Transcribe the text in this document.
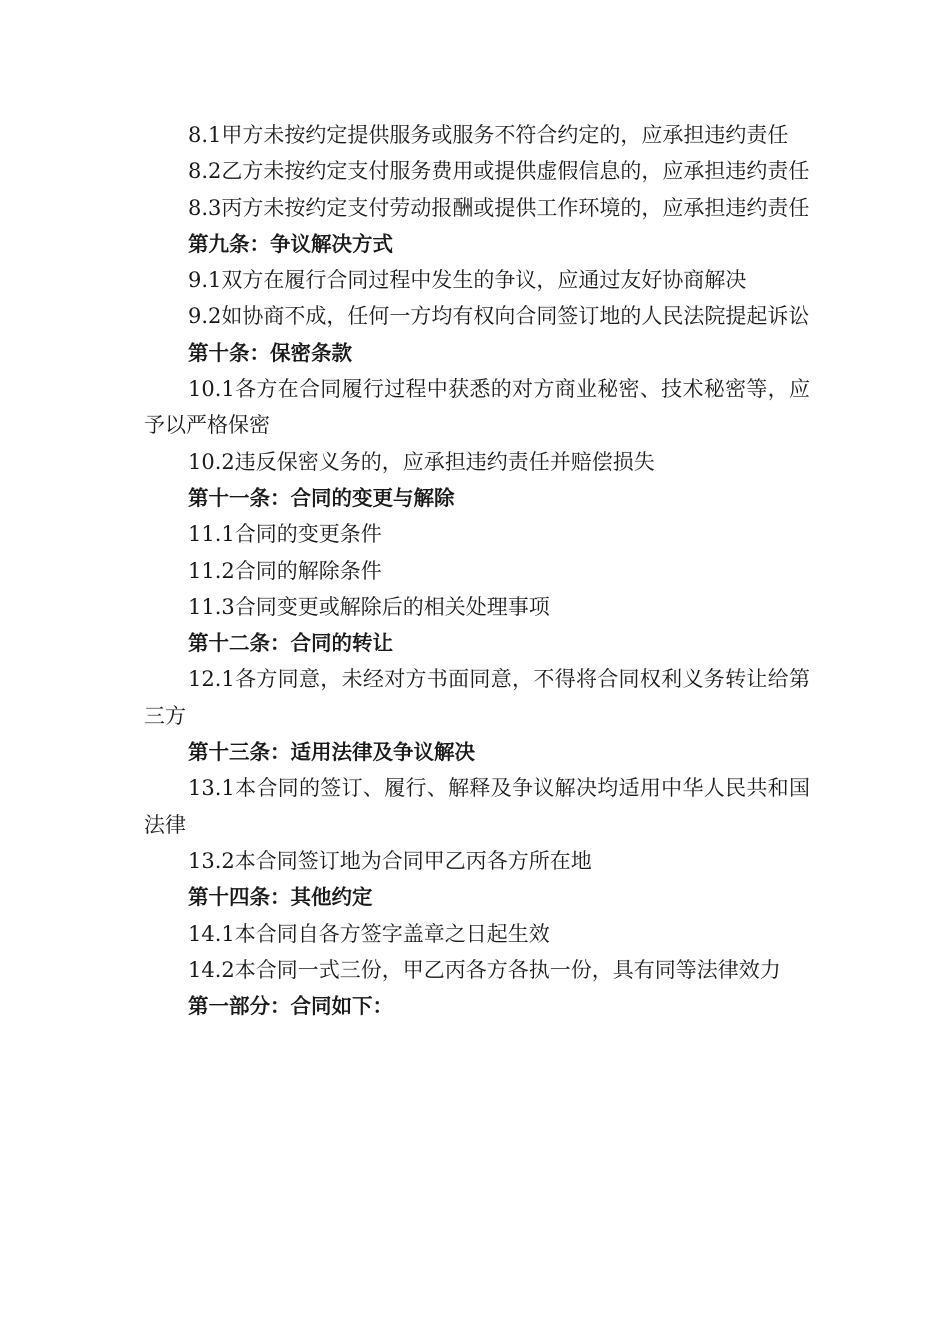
8.1甲方未按约定提供服务或服务不符合约定的，应承担违约责任

8.2乙方未按约定支付服务费用或提供虚假信息的，应承担违约责任

8.3丙方未按约定支付劳动报酬或提供工作环境的，应承担违约责任

第九条：争议解决方式

9.1双方在履行合同过程中发生的争议，应通过友好协商解决

9.2如协商不成，任何一方均有权向合同签订地的人民法院提起诉讼

第十条：保密条款

10.1各方在合同履行过程中获悉的对方商业秘密、技术秘密等，应予以严格保密

10.2违反保密义务的，应承担违约责任并赔偿损失

第十一条：合同的变更与解除

11.1合同的变更条件

11.2合同的解除条件

11.3合同变更或解除后的相关处理事项

第十二条：合同的转让

12.1各方同意，未经对方书面同意，不得将合同权利义务转让给第三方

第十三条：适用法律及争议解决

13.1本合同的签订、履行、解释及争议解决均适用中华人民共和国法律

13.2本合同签订地为合同甲乙丙各方所在地

第十四条：其他约定

14.1本合同自各方签字盖章之日起生效

14.2本合同一式三份，甲乙丙各方各执一份，具有同等法律效力

第一部分：合同如下：
